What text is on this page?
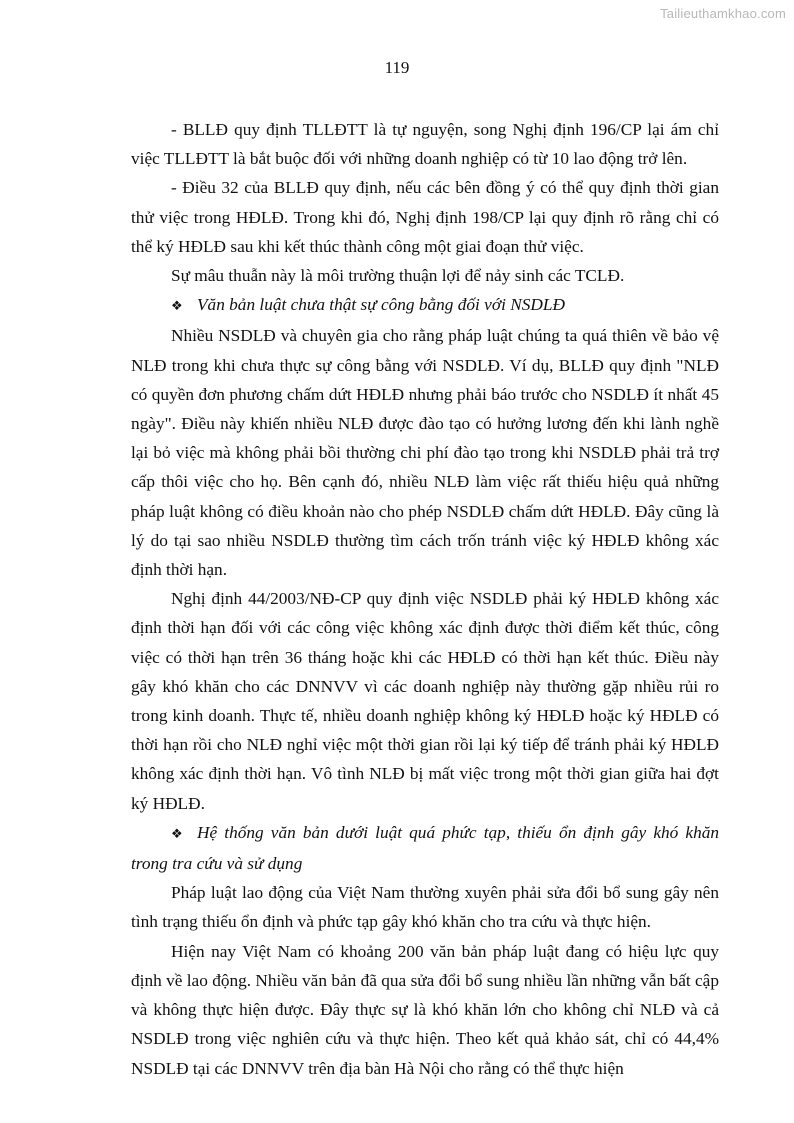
Tailieuthamkhao.com
119

- BLLĐ quy định TLLĐTT là tự nguyện, song Nghị định 196/CP lại ám chỉ việc TLLĐTT là bắt buộc đối với những doanh nghiệp có từ 10 lao động trở lên.

- Điều 32 của BLLĐ quy định, nếu các bên đồng ý có thể quy định thời gian thử việc trong HĐLĐ. Trong khi đó, Nghị định 198/CP lại quy định rõ rằng chỉ có thể ký HĐLĐ sau khi kết thúc thành công một giai đoạn thử việc.

Sự mâu thuẫn này là môi trường thuận lợi để nảy sinh các TCLĐ.

❖ Văn bản luật chưa thật sự công bằng đối với NSDLĐ

Nhiều NSDLĐ và chuyên gia cho rằng pháp luật chúng ta quá thiên về bảo vệ NLĐ trong khi chưa thực sự công bằng với NSDLĐ. Ví dụ, BLLĐ quy định "NLĐ có quyền đơn phương chấm dứt HĐLĐ nhưng phải báo trước cho NSDLĐ ít nhất 45 ngày". Điều này khiến nhiều NLĐ được đào tạo có hưởng lương đến khi lành nghề lại bỏ việc mà không phải bồi thường chi phí đào tạo trong khi NSDLĐ phải trả trợ cấp thôi việc cho họ. Bên cạnh đó, nhiều NLĐ làm việc rất thiếu hiệu quả những pháp luật không có điều khoản nào cho phép NSDLĐ chấm dứt HĐLĐ. Đây cũng là lý do tại sao nhiều NSDLĐ thường tìm cách trốn tránh việc ký HĐLĐ không xác định thời hạn.

Nghị định 44/2003/NĐ-CP quy định việc NSDLĐ phải ký HĐLĐ không xác định thời hạn đối với các công việc không xác định được thời điểm kết thúc, công việc có thời hạn trên 36 tháng hoặc khi các HĐLĐ có thời hạn kết thúc. Điều này gây khó khăn cho các DNNVV vì các doanh nghiệp này thường gặp nhiều rủi ro trong kinh doanh. Thực tế, nhiều doanh nghiệp không ký HĐLĐ hoặc ký HĐLĐ có thời hạn rồi cho NLĐ nghỉ việc một thời gian rồi lại ký tiếp để tránh phải ký HĐLĐ không xác định thời hạn. Vô tình NLĐ bị mất việc trong một thời gian giữa hai đợt ký HĐLĐ.

❖ Hệ thống văn bản dưới luật quá phức tạp, thiếu ổn định gây khó khăn trong tra cứu và sử dụng

Pháp luật lao động của Việt Nam thường xuyên phải sửa đổi bổ sung gây nên tình trạng thiếu ổn định và phức tạp gây khó khăn cho tra cứu và thực hiện.

Hiện nay Việt Nam có khoảng 200 văn bản pháp luật đang có hiệu lực quy định về lao động. Nhiều văn bản đã qua sửa đổi bổ sung nhiều lần những vẫn bất cập và không thực hiện được. Đây thực sự là khó khăn lớn cho không chỉ NLĐ và cả NSDLĐ trong việc nghiên cứu và thực hiện. Theo kết quả khảo sát, chỉ có 44,4% NSDLĐ tại các DNNVV trên địa bàn Hà Nội cho rằng có thể thực hiện
